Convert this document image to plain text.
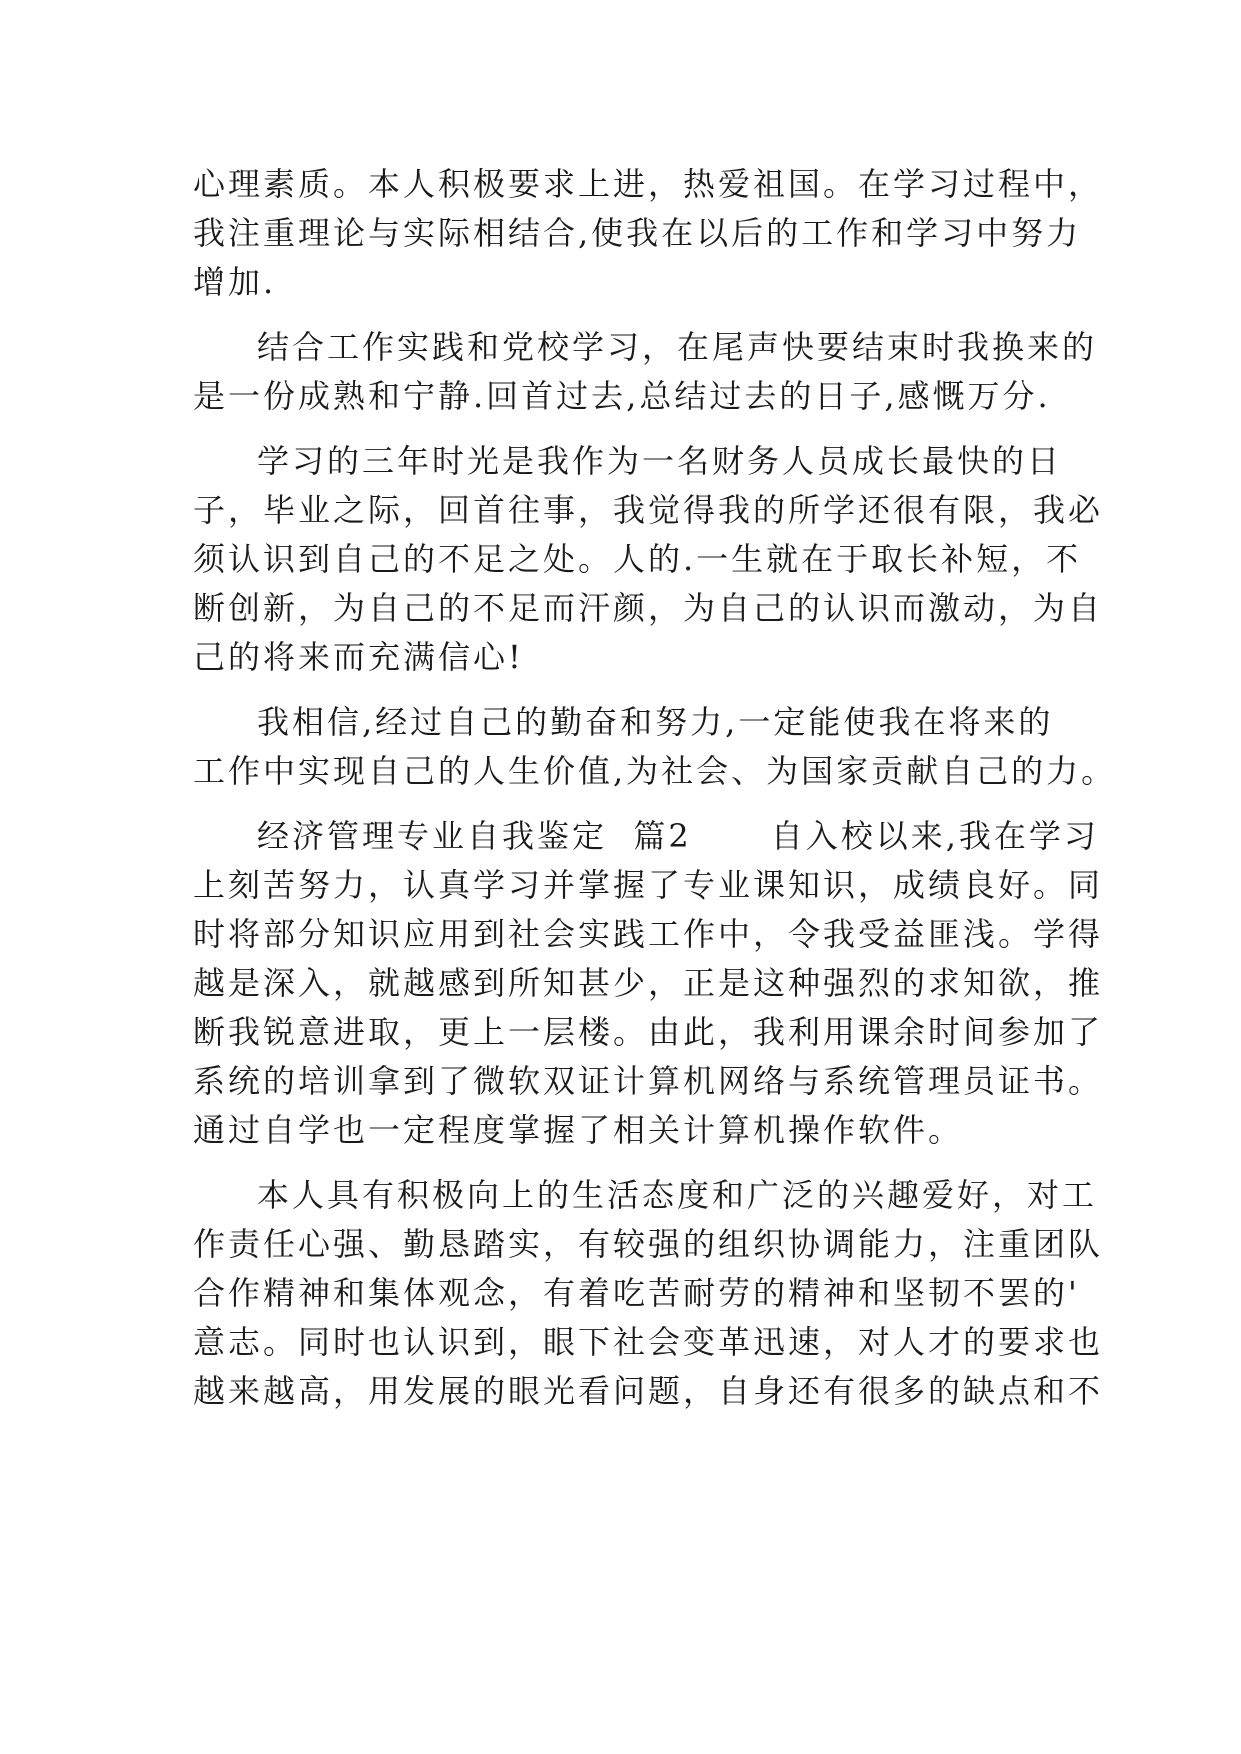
心理素质。本人积极要求上进，热爱祖国。在学习过程中，
我注重理论与实际相结合,使我在以后的工作和学习中努力
增加.

结合工作实践和党校学习，在尾声快要结束时我换来的
是一份成熟和宁静.回首过去,总结过去的日子,感慨万分.

学习的三年时光是我作为一名财务人员成长最快的日
子，毕业之际，回首往事，我觉得我的所学还很有限，我必
须认识到自己的不足之处。人的.一生就在于取长补短，不
断创新，为自己的不足而汗颜，为自己的认识而激动，为自
己的将来而充满信心!

我相信,经过自己的勤奋和努力,一定能使我在将来的
工作中实现自己的人生价值,为社会、为国家贡献自己的力。

经济管理专业自我鉴定  篇2      自入校以来,我在学习
上刻苦努力，认真学习并掌握了专业课知识，成绩良好。同
时将部分知识应用到社会实践工作中，令我受益匪浅。学得
越是深入，就越感到所知甚少，正是这种强烈的求知欲，推
断我锐意进取，更上一层楼。由此，我利用课余时间参加了
系统的培训拿到了微软双证计算机网络与系统管理员证书。
通过自学也一定程度掌握了相关计算机操作软件。

本人具有积极向上的生活态度和广泛的兴趣爱好，对工
作责任心强、勤恳踏实，有较强的组织协调能力，注重团队
合作精神和集体观念，有着吃苦耐劳的精神和坚韧不罢的'
意志。同时也认识到，眼下社会变革迅速，对人才的要求也
越来越高，用发展的眼光看问题，自身还有很多的缺点和不
